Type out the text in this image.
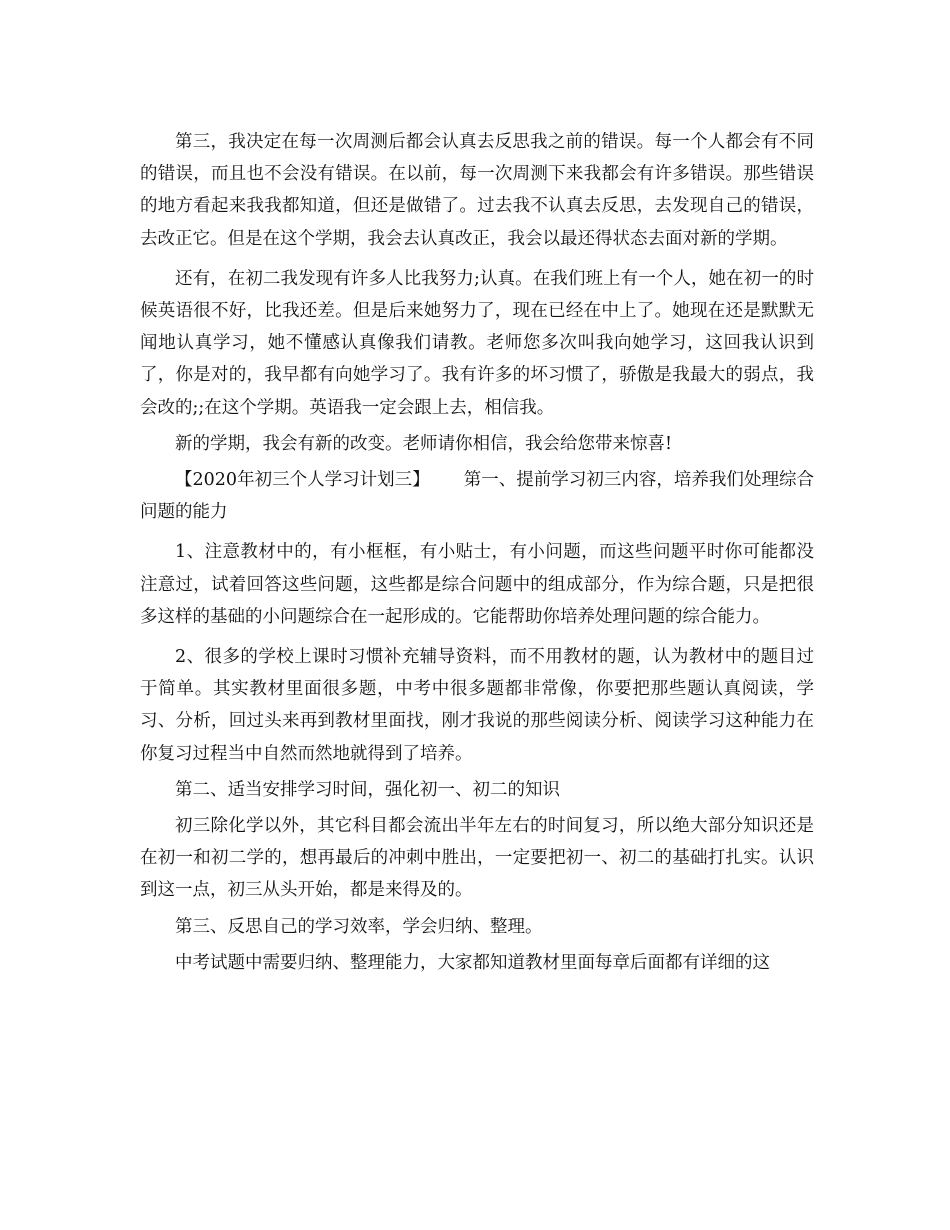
第三，我决定在每一次周测后都会认真去反思我之前的错误。每一个人都会有不同的错误，而且也不会没有错误。在以前，每一次周测下来我都会有许多错误。那些错误的地方看起来我我都知道，但还是做错了。过去我不认真去反思，去发现自己的错误，去改正它。但是在这个学期，我会去认真改正，我会以最还得状态去面对新的学期。

还有，在初二我发现有许多人比我努力;认真。在我们班上有一个人，她在初一的时候英语很不好，比我还差。但是后来她努力了，现在已经在中上了。她现在还是默默无闻地认真学习，她不懂感认真像我们请教。老师您多次叫我向她学习，这回我认识到了，你是对的，我早都有向她学习了。我有许多的坏习惯了，骄傲是我最大的弱点，我会改的;;在这个学期。英语我一定会跟上去，相信我。

新的学期，我会有新的改变。老师请你相信，我会给您带来惊喜!

【2020年初三个人学习计划三】 第一、提前学习初三内容，培养我们处理综合问题的能力

1、注意教材中的，有小框框，有小贴士，有小问题，而这些问题平时你可能都没注意过，试着回答这些问题，这些都是综合问题中的组成部分，作为综合题，只是把很多这样的基础的小问题综合在一起形成的。它能帮助你培养处理问题的综合能力。

2、很多的学校上课时习惯补充辅导资料，而不用教材的题，认为教材中的题目过于简单。其实教材里面很多题，中考中很多题都非常像，你要把那些题认真阅读，学习、分析，回过头来再到教材里面找，刚才我说的那些阅读分析、阅读学习这种能力在你复习过程当中自然而然地就得到了培养。

第二、适当安排学习时间，强化初一、初二的知识

初三除化学以外，其它科目都会流出半年左右的时间复习，所以绝大部分知识还是在初一和初二学的，想再最后的冲刺中胜出，一定要把初一、初二的基础打扎实。认识到这一点，初三从头开始，都是来得及的。

第三、反思自己的学习效率，学会归纳、整理。

中考试题中需要归纳、整理能力，大家都知道教材里面每章后面都有详细的这
